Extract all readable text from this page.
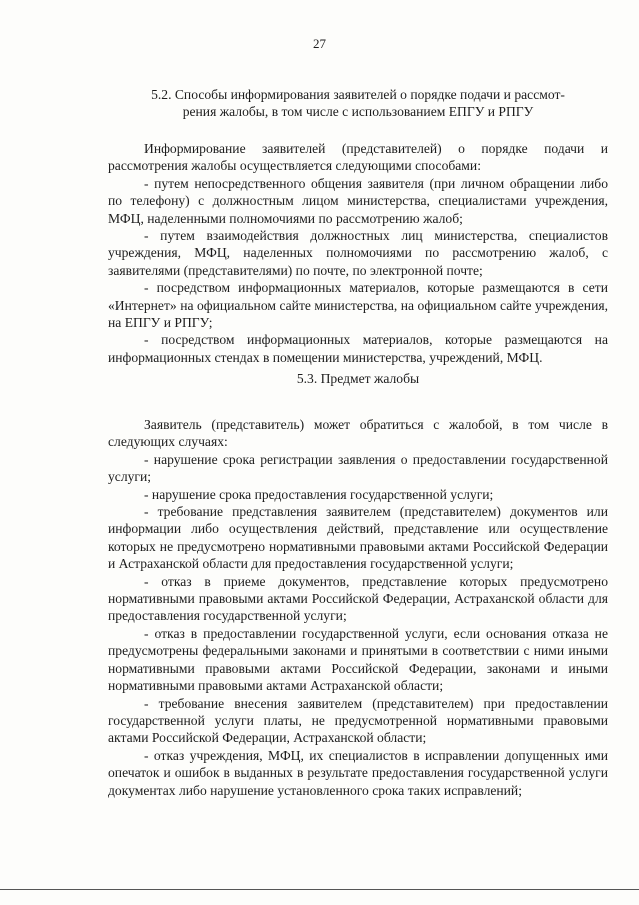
27
5.2. Способы информирования заявителей о порядке подачи и рассмот-
рения жалобы, в том числе с использованием ЕПГУ и РПГУ

Информирование заявителей (представителей) о порядке подачи и рассмотрения жалобы осуществляется следующими способами:

- путем непосредственного общения заявителя (при личном обращении либо по телефону) с должностным лицом министерства, специалистами учреждения, МФЦ, наделенными полномочиями по рассмотрению жалоб;

- путем взаимодействия должностных лиц министерства, специалистов учреждения, МФЦ, наделенных полномочиями по рассмотрению жалоб, с заявителями (представителями) по почте, по электронной почте;

- посредством информационных материалов, которые размещаются в сети «Интернет» на официальном сайте министерства, на официальном сайте учреждения, на ЕПГУ и РПГУ;

- посредством информационных материалов, которые размещаются на информационных стендах в помещении министерства, учреждений, МФЦ.

5.3. Предмет жалобы

Заявитель (представитель) может обратиться с жалобой, в том числе в следующих случаях:

- нарушение срока регистрации заявления о предоставлении государственной услуги;

- нарушение срока предоставления государственной услуги;

- требование представления заявителем (представителем) документов или информации либо осуществления действий, представление или осуществление которых не предусмотрено нормативными правовыми актами Российской Федерации и Астраханской области для предоставления государственной услуги;

- отказ в приеме документов, представление которых предусмотрено нормативными правовыми актами Российской Федерации, Астраханской области для предоставления государственной услуги;

- отказ в предоставлении государственной услуги, если основания отказа не предусмотрены федеральными законами и принятыми в соответствии с ними иными нормативными правовыми актами Российской Федерации, законами и иными нормативными правовыми актами Астраханской области;

- требование внесения заявителем (представителем) при предоставлении государственной услуги платы, не предусмотренной нормативными правовыми актами Российской Федерации, Астраханской области;

- отказ учреждения, МФЦ, их специалистов в исправлении допущенных ими опечаток и ошибок в выданных в результате предоставления государственной услуги документах либо нарушение установленного срока таких исправлений;
